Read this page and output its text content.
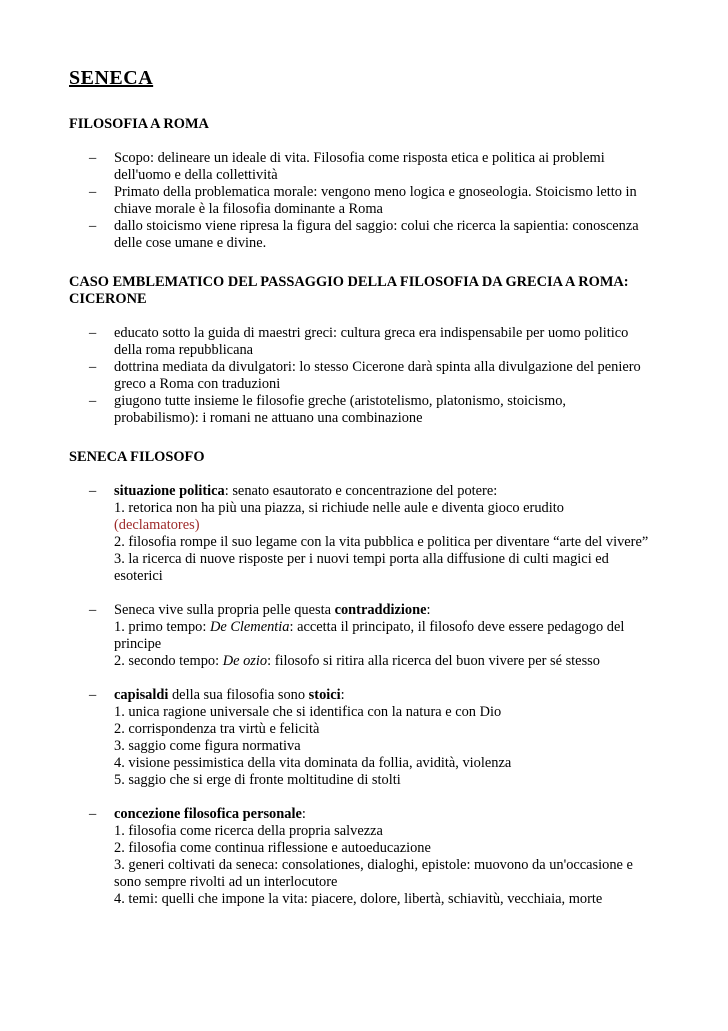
SENECA
FILOSOFIA A ROMA
– Scopo: delineare un ideale di vita. Filosofia come risposta etica e politica ai problemi
dell'uomo e della collettività
– Primato della problematica morale: vengono meno logica e gnoseologia. Stoicismo letto in
chiave morale è la filosofia dominante a Roma
– dallo stoicismo viene ripresa la figura del saggio: colui che ricerca la sapientia: conoscenza
delle cose umane e divine.
CASO EMBLEMATICO DEL PASSAGGIO DELLA FILOSOFIA DA GRECIA A ROMA:
CICERONE
– educato sotto la guida di maestri greci: cultura greca era indispensabile per uomo politico
della roma repubblicana
– dottrina mediata da divulgatori: lo stesso Cicerone darà spinta alla divulgazione del peniero
greco a Roma con traduzioni
– giugono tutte insieme le filosofie greche (aristotelismo, platonismo, stoicismo,
probabilismo): i romani ne attuano una combinazione
SENECA FILOSOFO
– situazione politica: senato esautorato e concentrazione del potere:
1. retorica non ha più una piazza, si richiude nelle aule e diventa gioco erudito
(declamatores)
2. filosofia rompe il suo legame con la vita pubblica e politica per diventare “arte del vivere”
3. la ricerca di nuove risposte per i nuovi tempi porta alla diffusione di culti magici ed
esoterici
– Seneca vive sulla propria pelle questa contraddizione:
1. primo tempo: De Clementia: accetta il principato, il filosofo deve essere pedagogo del
principe
2. secondo tempo: De ozio: filosofo si ritira alla ricerca del buon vivere per sé stesso
– capisaldi della sua filosofia sono stoici:
1. unica ragione universale che si identifica con la natura e con Dio
2. corrispondenza tra virtù e felicità
3. saggio come figura normativa
4. visione pessimistica della vita dominata da follia, avidità, violenza
5. saggio che si erge di fronte moltitudine di stolti
– concezione filosofica personale:
1. filosofia come ricerca della propria salvezza
2. filosofia come continua riflessione e autoeducazione
3. generi coltivati da seneca: consolationes, dialoghi, epistole: muovono da un'occasione e
sono sempre rivolti ad un interlocutore
4. temi: quelli che impone la vita: piacere, dolore, libertà, schiavitù, vecchiaia, morte
